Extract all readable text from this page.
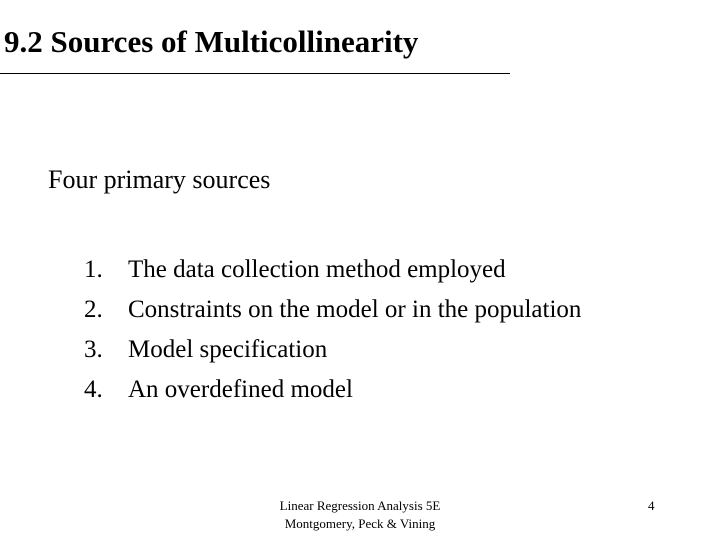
9.2 Sources of Multicollinearity
Four primary sources
1. The data collection method employed
2. Constraints on the model or in the population
3. Model specification
4. An overdefined model
Linear Regression Analysis 5E
Montgomery, Peck & Vining
4
